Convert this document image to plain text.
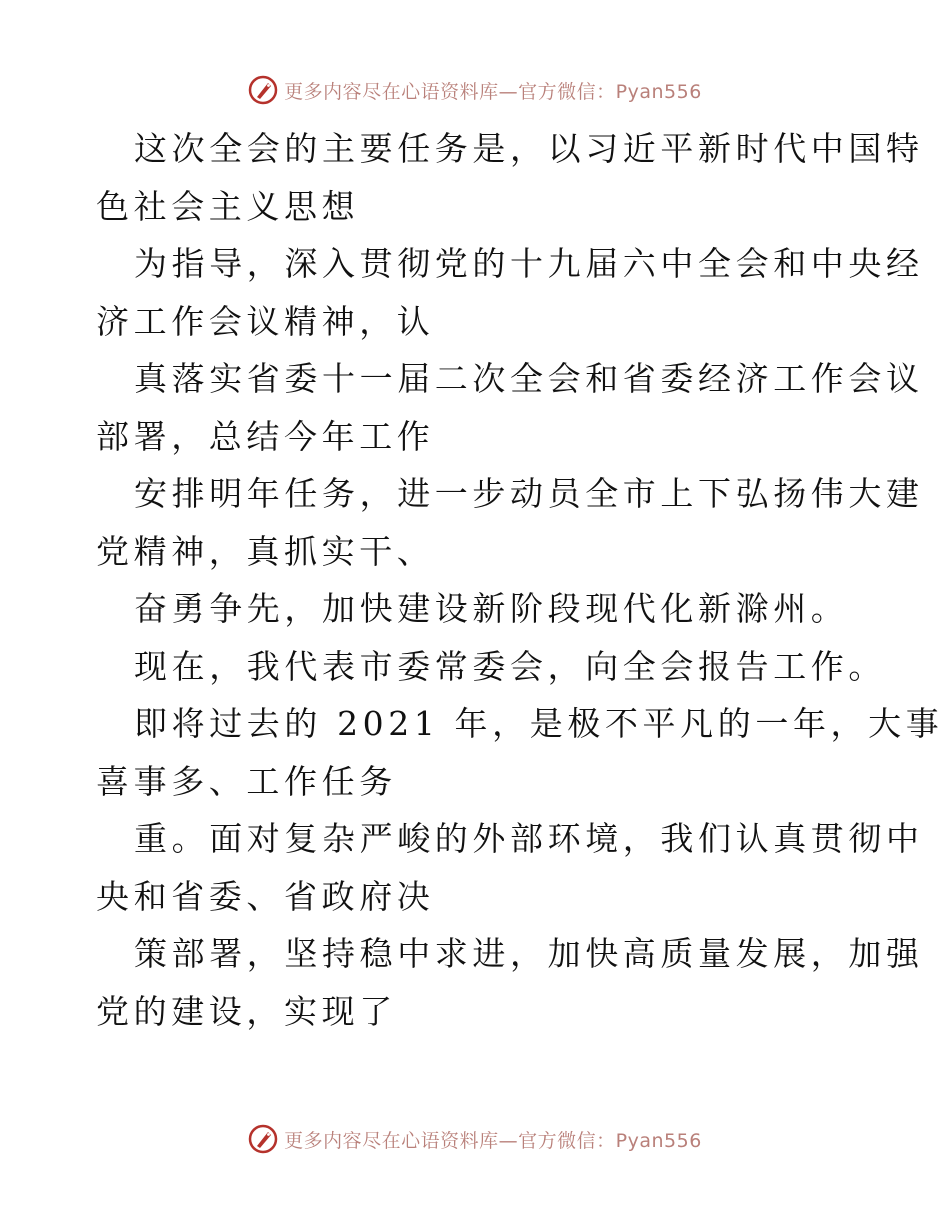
更多内容尽在心语资料库—官方微信：Pyan556

这次全会的主要任务是，以习近平新时代中国特
色社会主义思想

为指导，深入贯彻党的十九届六中全会和中央经
济工作会议精神，认

真落实省委十一届二次全会和省委经济工作会议
部署，总结今年工作

安排明年任务，进一步动员全市上下弘扬伟大建
党精神，真抓实干、

奋勇争先，加快建设新阶段现代化新滁州。

现在，我代表市委常委会，向全会报告工作。

即将过去的 2021 年，是极不平凡的一年，大事
喜事多、工作任务

重。面对复杂严峻的外部环境，我们认真贯彻中
央和省委、省政府决

策部署，坚持稳中求进，加快高质量发展，加强
党的建设，实现了

更多内容尽在心语资料库—官方微信：Pyan556
